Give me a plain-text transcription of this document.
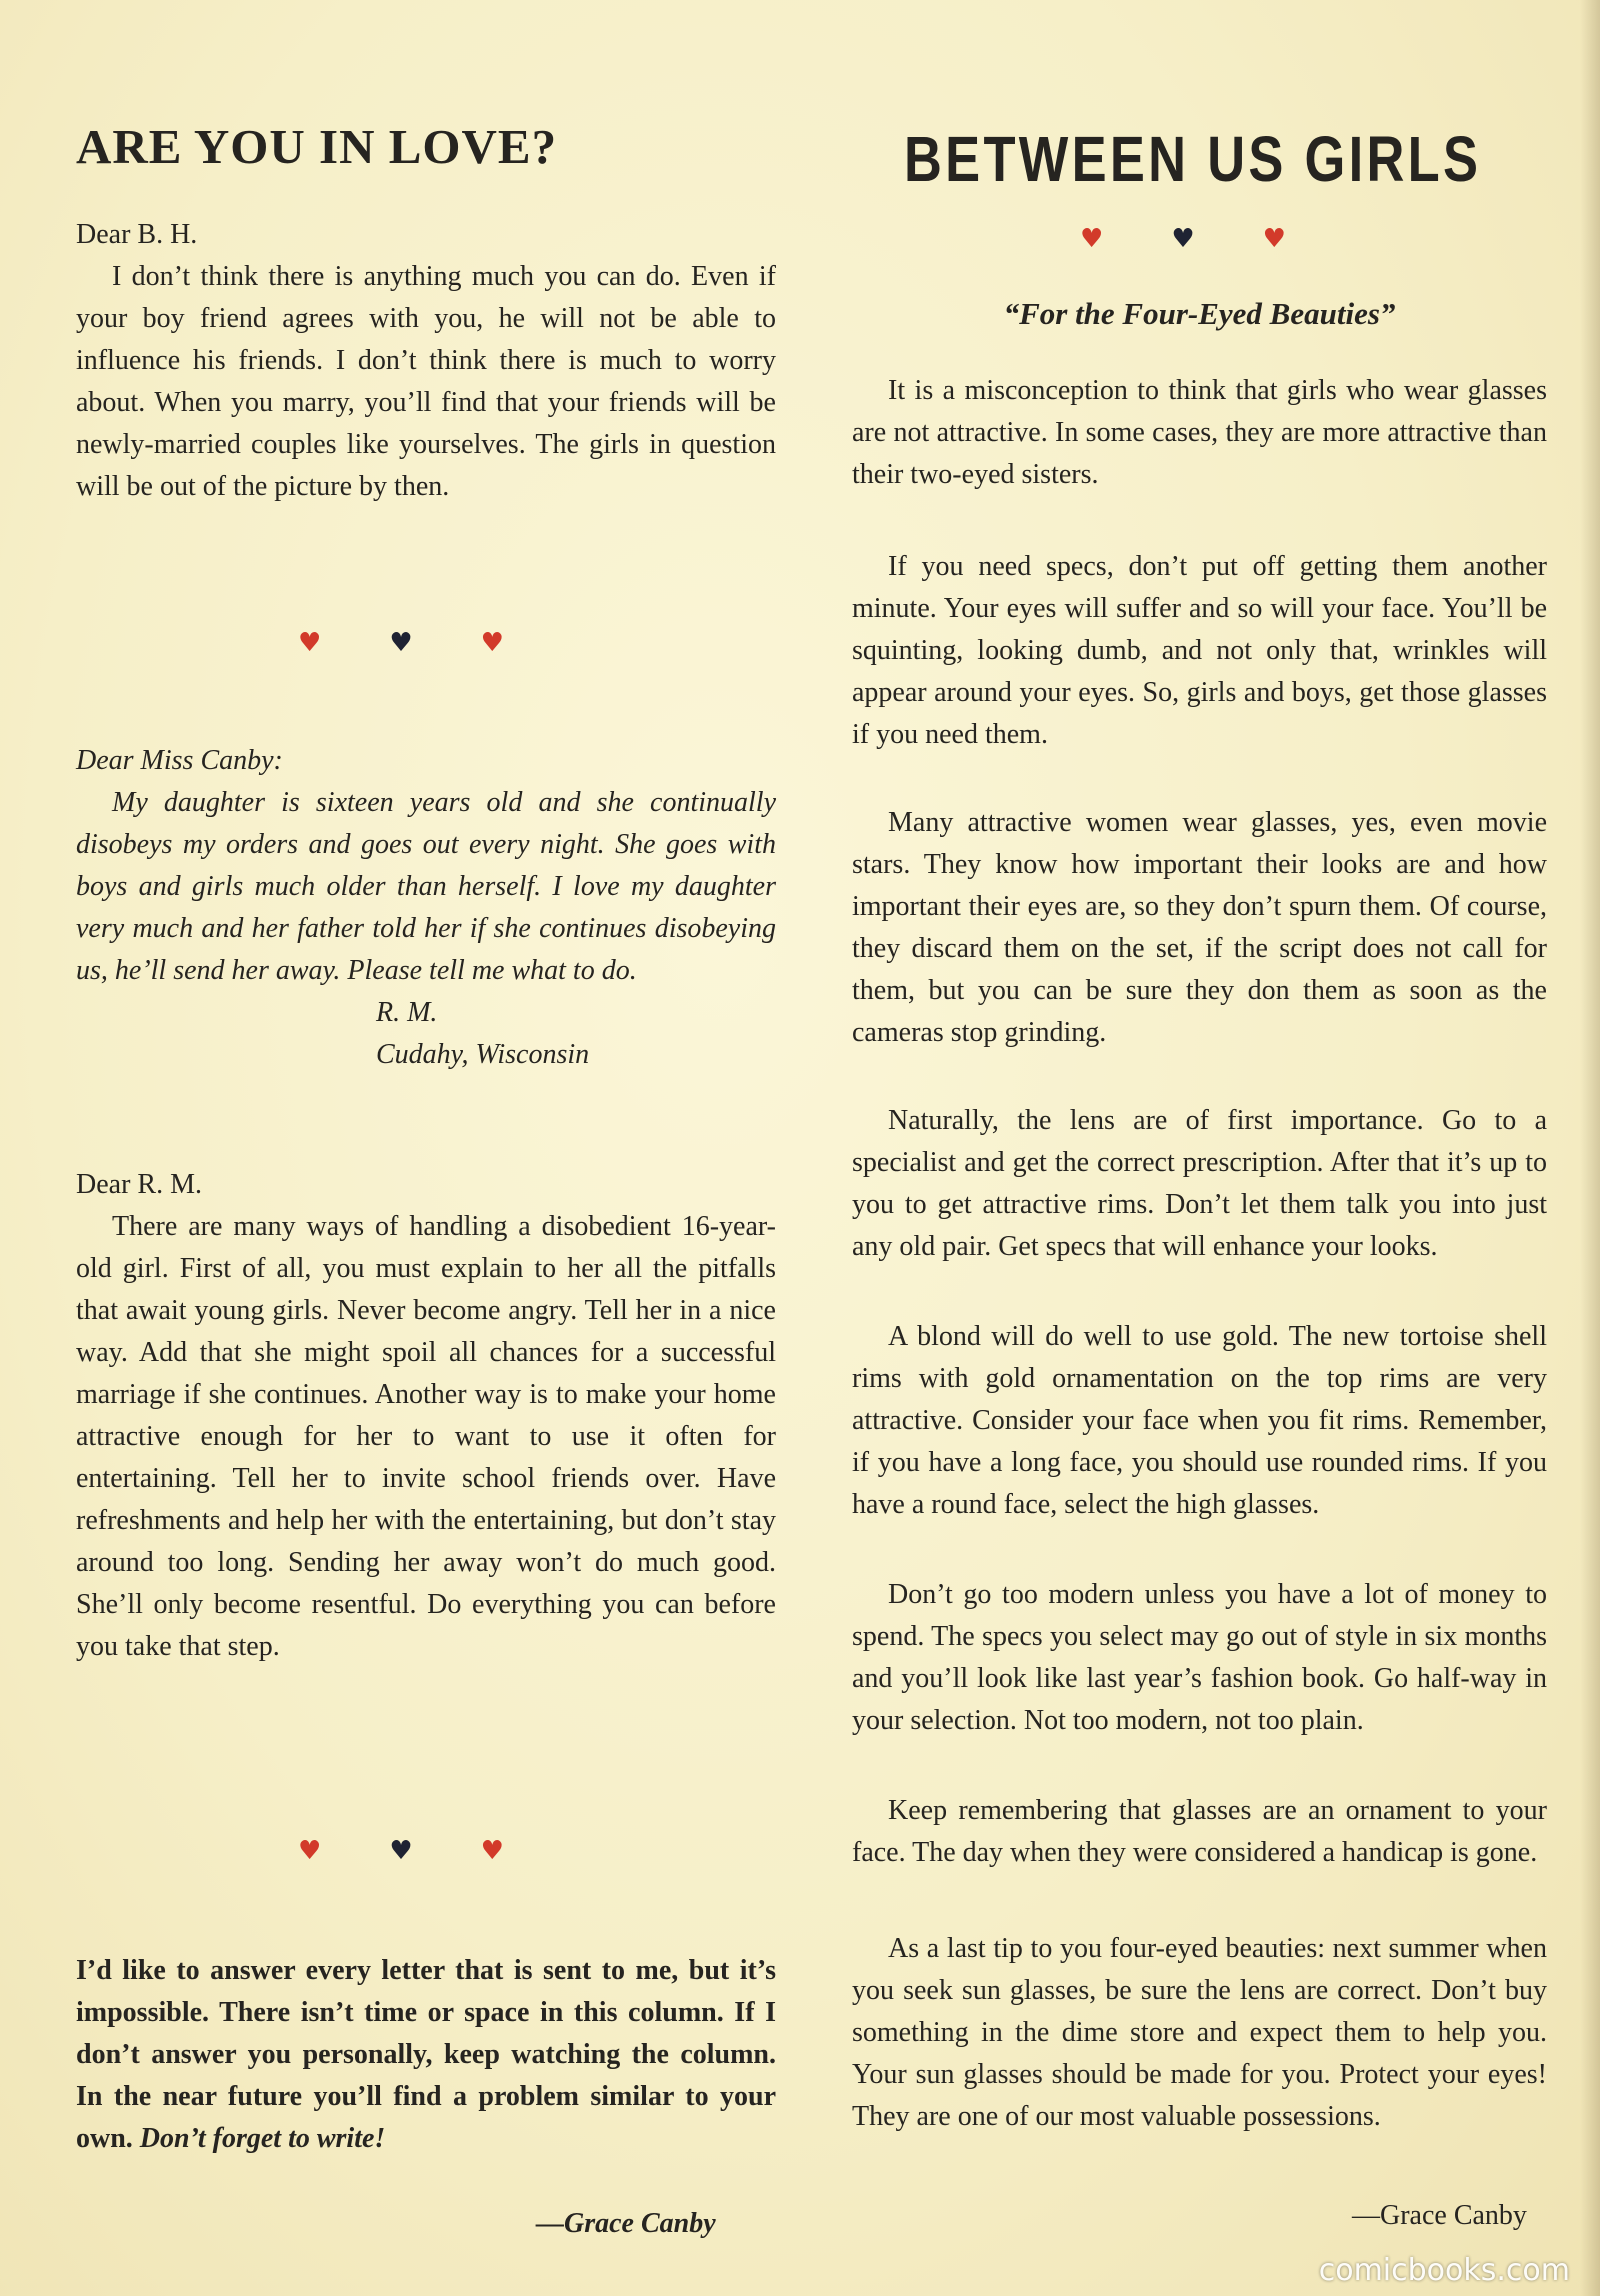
ARE YOU IN LOVE?

Dear B. H.

I don’t think there is anything much you can do. Even if your boy friend agrees with you, he will not be able to influence his friends. I don’t think there is much to worry about. When you marry, you’ll find that your friends will be newly-married couples like yourselves. The girls in question will be out of the picture by then.

♥	♥	♥

Dear Miss Canby:

My daughter is sixteen years old and she continually disobeys my orders and goes out every night. She goes with boys and girls much older than herself. I love my daughter very much and her father told her if she continues disobeying us, he’ll send her away. Please tell me what to do.

R. M.

Cudahy, Wisconsin

Dear R. M.

There are many ways of handling a disobedient 16-year-old girl. First of all, you must explain to her all the pitfalls that await young girls. Never become angry. Tell her in a nice way. Add that she might spoil all chances for a successful marriage if she continues. Another way is to make your home attractive enough for her to want to use it often for entertaining. Tell her to invite school friends over. Have refreshments and help her with the entertaining, but don’t stay around too long. Sending her away won’t do much good. She’ll only become resentful. Do everything you can before you take that step.

♥	♥	♥

I’d like to answer every letter that is sent to me, but it’s impossible. There isn’t time or space in this column. If I don’t answer you personally, keep watching the column. In the near future you’ll find a problem similar to your own. Don’t forget to write!

—Grace Canby
BETWEEN US GIRLS
♥	♥	♥
“For the Four-Eyed Beauties”

It is a misconception to think that girls who wear glasses are not attractive. In some cases, they are more attractive than their two-eyed sisters.

If you need specs, don’t put off getting them another minute. Your eyes will suffer and so will your face. You’ll be squinting, looking dumb, and not only that, wrinkles will appear around your eyes. So, girls and boys, get those glasses if you need them.

Many attractive women wear glasses, yes, even movie stars. They know how important their looks are and how important their eyes are, so they don’t spurn them. Of course, they discard them on the set, if the script does not call for them, but you can be sure they don them as soon as the cameras stop grinding.

Naturally, the lens are of first importance. Go to a specialist and get the correct prescription. After that it’s up to you to get attractive rims. Don’t let them talk you into just any old pair. Get specs that will enhance your looks.

A blond will do well to use gold. The new tortoise shell rims with gold ornamentation on the top rims are very attractive. Consider your face when you fit rims. Remember, if you have a long face, you should use rounded rims. If you have a round face, select the high glasses.

Don’t go too modern unless you have a lot of money to spend. The specs you select may go out of style in six months and you’ll look like last year’s fashion book. Go half-way in your selection. Not too modern, not too plain.

Keep remembering that glasses are an ornament to your face. The day when they were considered a handicap is gone.

As a last tip to you four-eyed beauties: next summer when you seek sun glasses, be sure the lens are correct. Don’t buy something in the dime store and expect them to help you. Your sun glasses should be made for you. Protect your eyes! They are one of our most valuable possessions.

—Grace Canby
comicbooks.com
